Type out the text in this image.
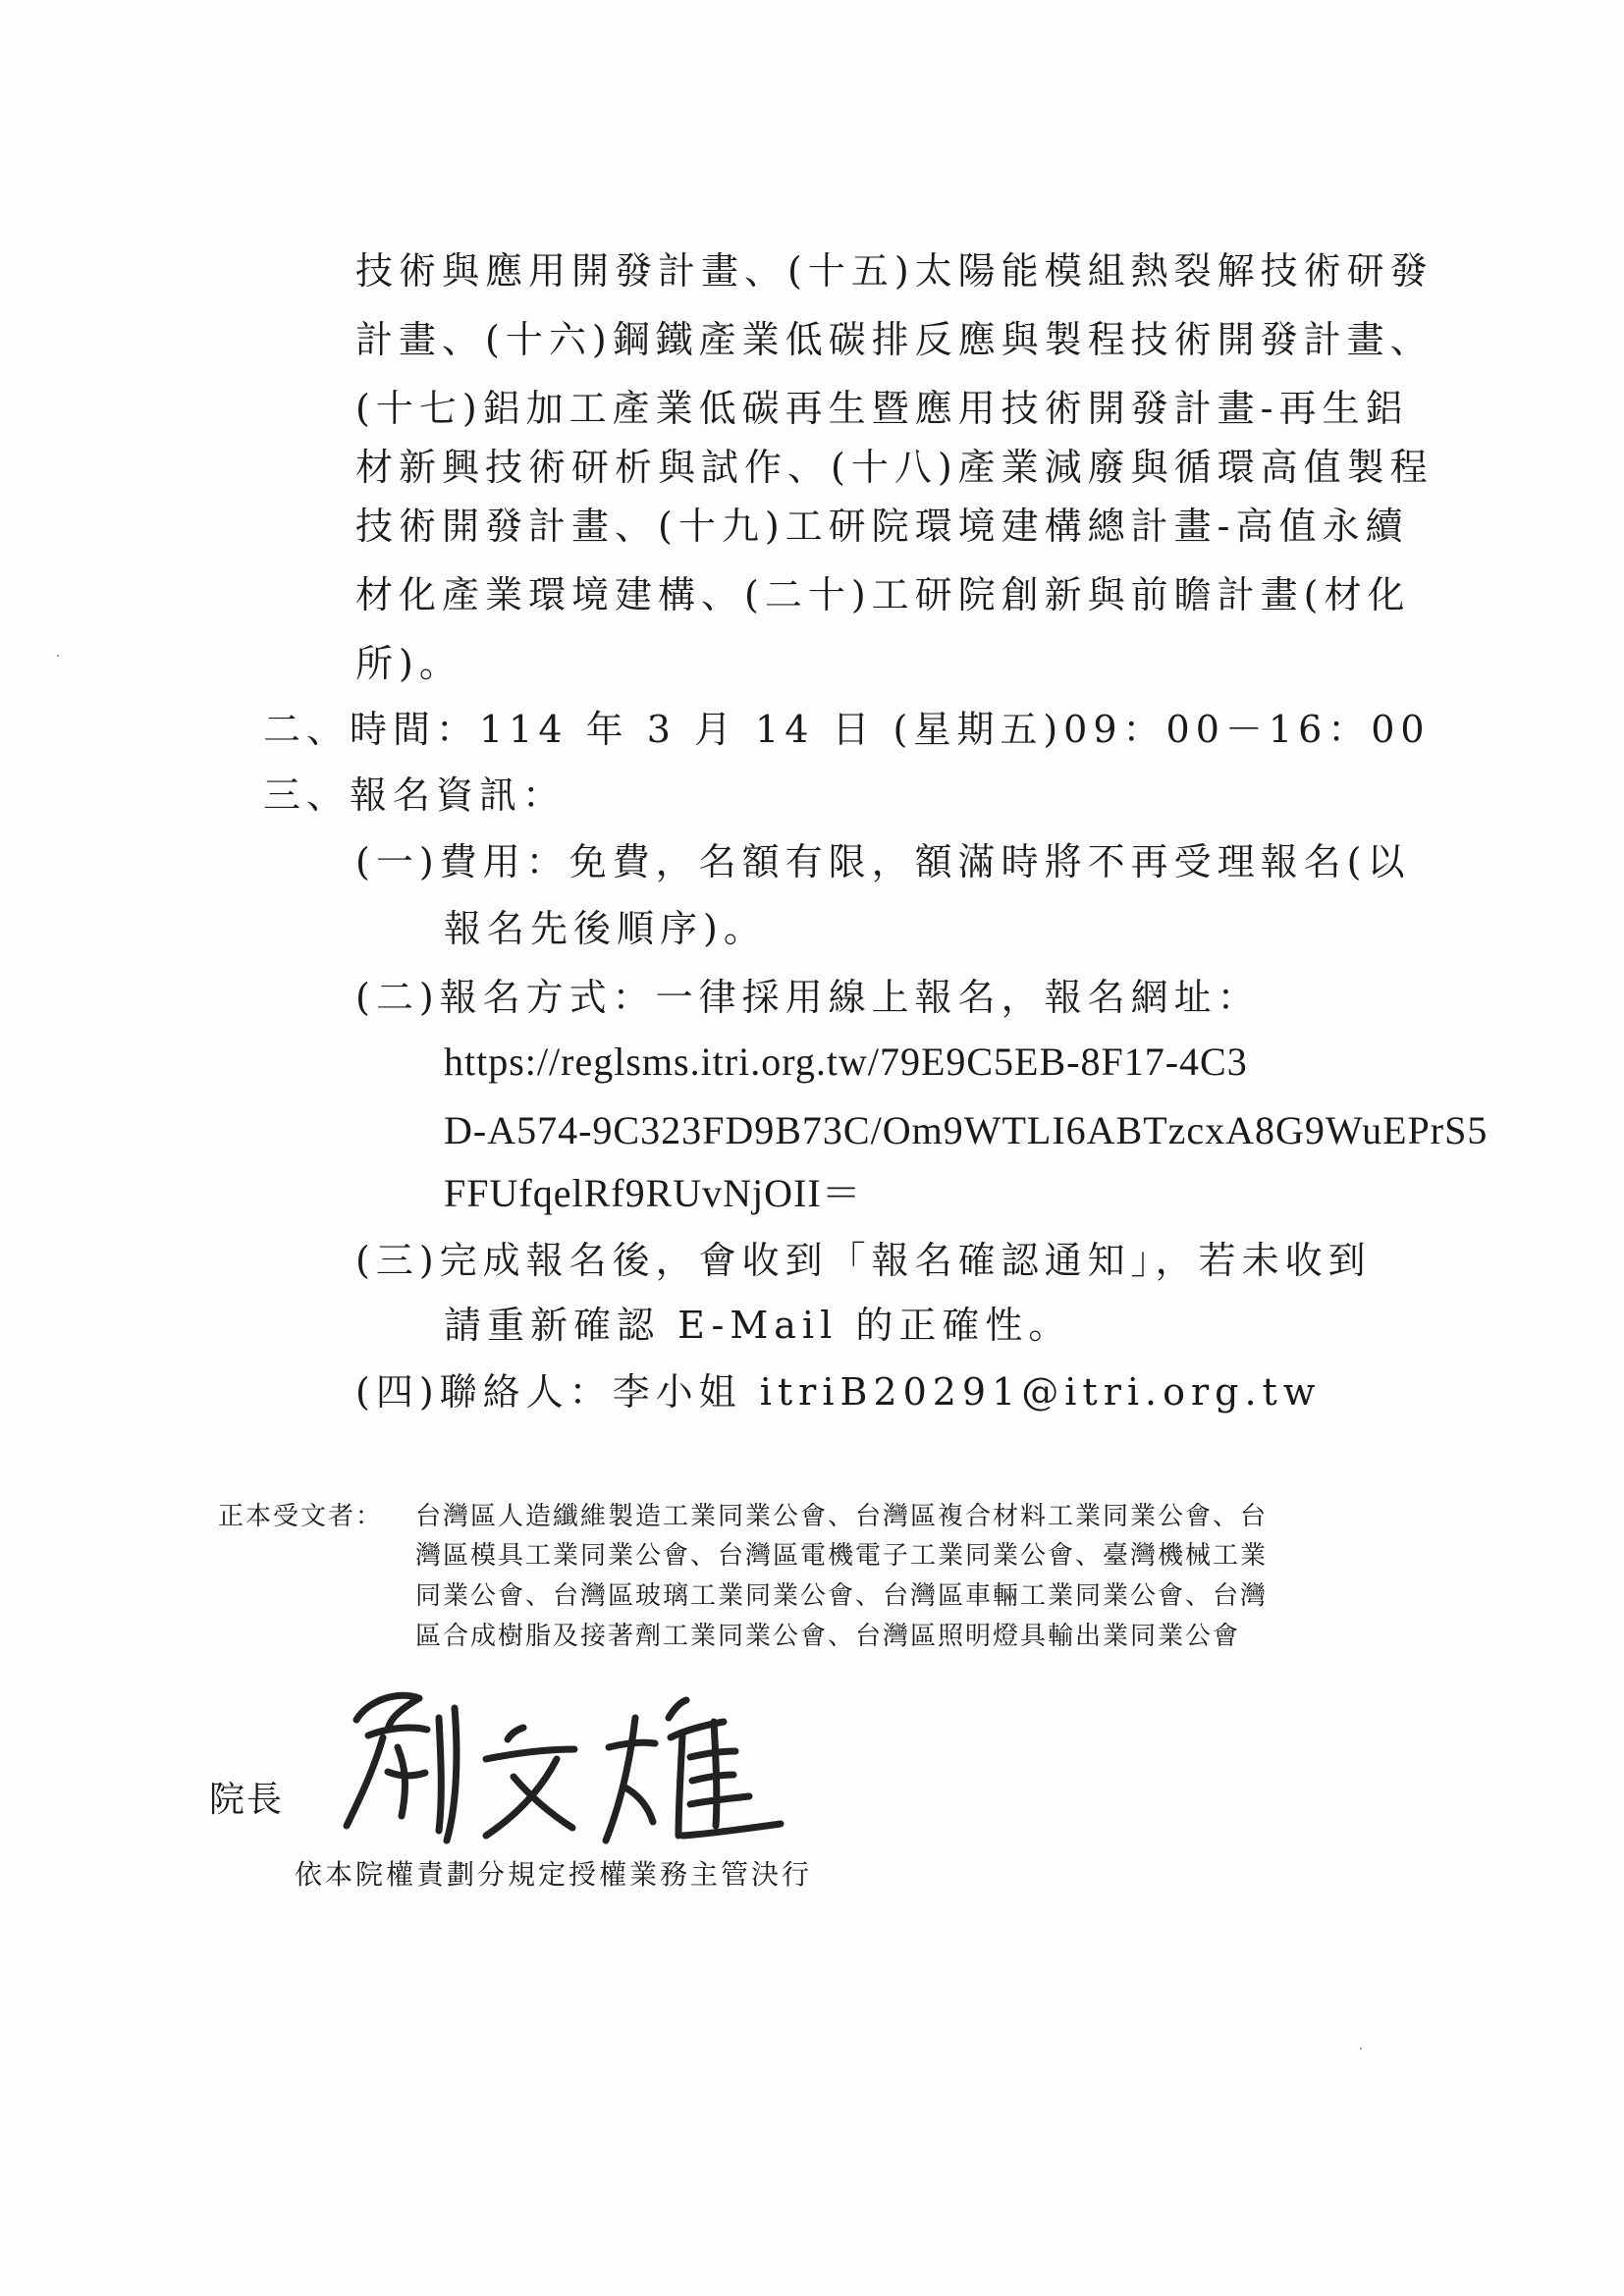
技術與應用開發計畫、(十五)太陽能模組熱裂解技術研發
計畫、(十六)鋼鐵產業低碳排反應與製程技術開發計畫、
(十七)鋁加工產業低碳再生暨應用技術開發計畫-再生鋁
材新興技術研析與試作、(十八)產業減廢與循環高值製程
技術開發計畫、(十九)工研院環境建構總計畫-高值永續
材化產業環境建構、(二十)工研院創新與前瞻計畫(材化
所)。
二、時間：114 年 3 月 14 日 (星期五)09：00－16：00
三、報名資訊：
(一)費用：免費，名額有限，額滿時將不再受理報名(以
報名先後順序)。
(二)報名方式：一律採用線上報名，報名網址：
https://reglsms.itri.org.tw/79E9C5EB-8F17-4C3
D-A574-9C323FD9B73C/Om9WTLI6ABTzcxA8G9WuEPrS5
FFUfqelRf9RUvNjOII＝
(三)完成報名後，會收到「報名確認通知」，若未收到
請重新確認 E-Mail 的正確性。
(四)聯絡人：李小姐 itriB20291@itri.org.tw
正本受文者： 台灣區人造纖維製造工業同業公會、台灣區複合材料工業同業公會、台
灣區模具工業同業公會、台灣區電機電子工業同業公會、臺灣機械工業
同業公會、台灣區玻璃工業同業公會、台灣區車輛工業同業公會、台灣
區合成樹脂及接著劑工業同業公會、台灣區照明燈具輸出業同業公會
院長
依本院權責劃分規定授權業務主管決行
